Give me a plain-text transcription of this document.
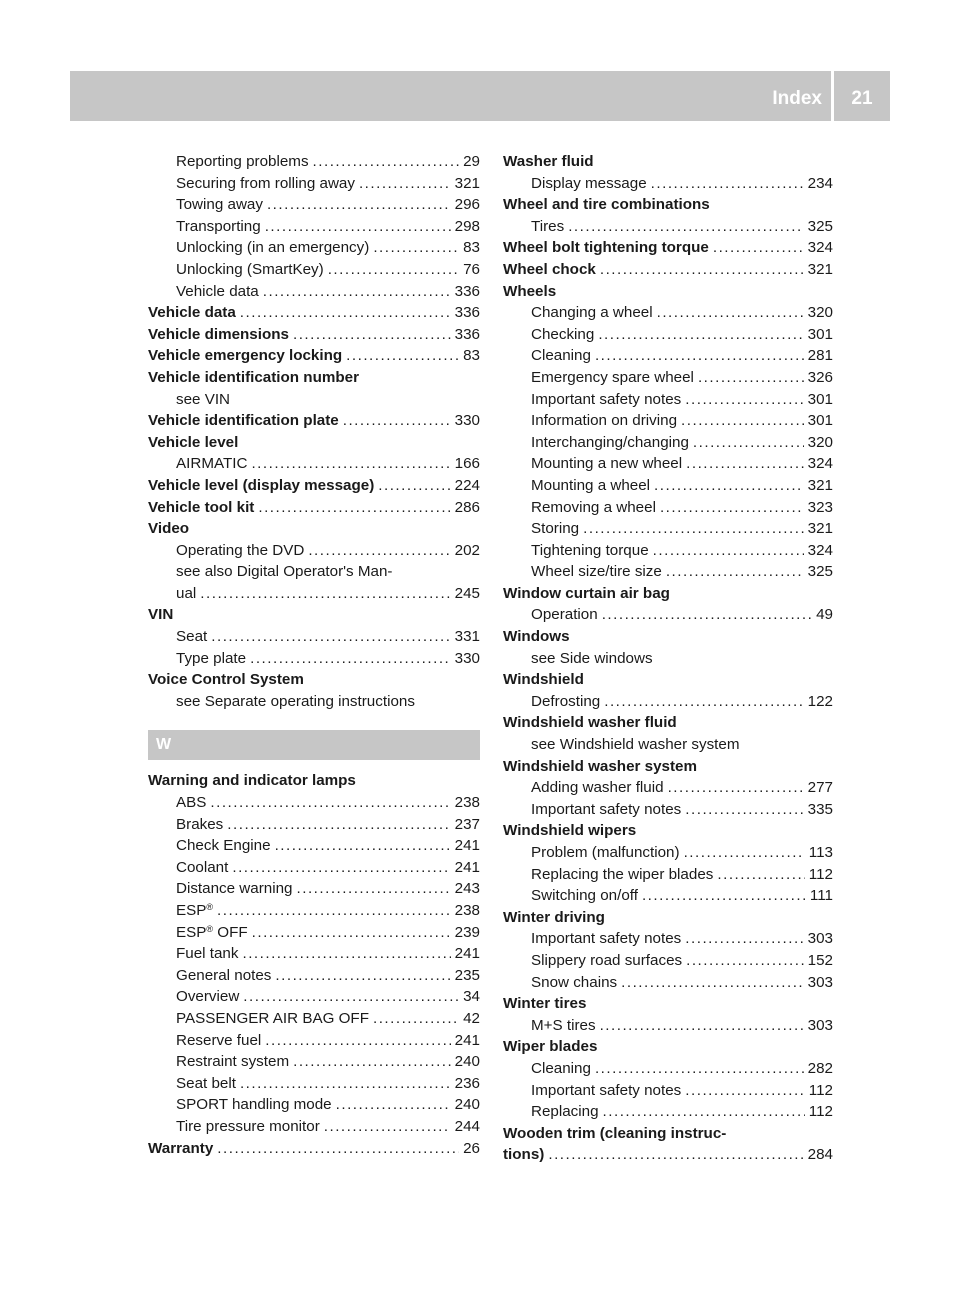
Index	21
Reporting problems .....	29
Securing from rolling away .....	321
Towing away .....	296
Transporting .....	298
Unlocking (in an emergency) .....	83
Unlocking (SmartKey) .....	76
Vehicle data .....	336
Vehicle data .....	336
Vehicle dimensions .....	336
Vehicle emergency locking .....	83
Vehicle identification number
see VIN
Vehicle identification plate .....	330
Vehicle level
AIRMATIC .....	166
Vehicle level (display message) .....	224
Vehicle tool kit .....	286
Video
Operating the DVD .....	202
see also Digital Operator's Man-
ual .....	245
VIN
Seat .....	331
Type plate .....	330
Voice Control System
see Separate operating instructions
W
Warning and indicator lamps
ABS .....	238
Brakes .....	237
Check Engine .....	241
Coolant .....	241
Distance warning .....	243
ESP® .....	238
ESP® OFF .....	239
Fuel tank .....	241
General notes .....	235
Overview .....	34
PASSENGER AIR BAG OFF .....	42
Reserve fuel .....	241
Restraint system .....	240
Seat belt .....	236
SPORT handling mode .....	240
Tire pressure monitor .....	244
Warranty .....	26
Washer fluid
Display message .....	234
Wheel and tire combinations
Tires .....	325
Wheel bolt tightening torque .....	324
Wheel chock .....	321
Wheels
Changing a wheel .....	320
Checking .....	301
Cleaning .....	281
Emergency spare wheel .....	326
Important safety notes .....	301
Information on driving .....	301
Interchanging/changing .....	320
Mounting a new wheel .....	324
Mounting a wheel .....	321
Removing a wheel .....	323
Storing .....	321
Tightening torque .....	324
Wheel size/tire size .....	325
Window curtain air bag
Operation .....	49
Windows
see Side windows
Windshield
Defrosting .....	122
Windshield washer fluid
see Windshield washer system
Windshield washer system
Adding washer fluid .....	277
Important safety notes .....	335
Windshield wipers
Problem (malfunction) .....	113
Replacing the wiper blades .....	112
Switching on/off .....	111
Winter driving
Important safety notes .....	303
Slippery road surfaces .....	152
Snow chains .....	303
Winter tires
M+S tires .....	303
Wiper blades
Cleaning .....	282
Important safety notes .....	112
Replacing .....	112
Wooden trim (cleaning instruc-
tions) .....	284
